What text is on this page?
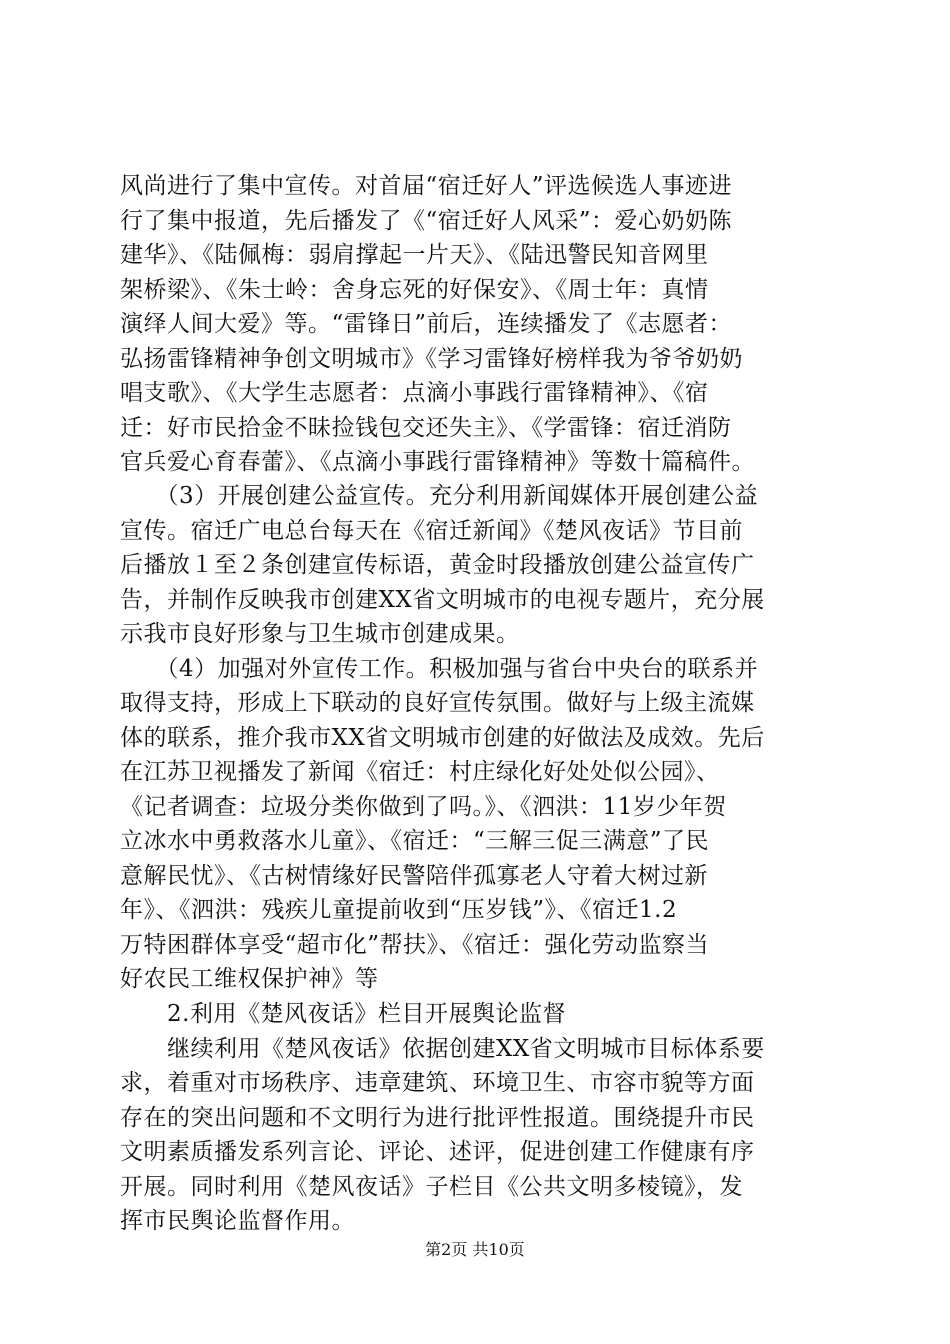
风尚进行了集中宣传。对首届“宿迁好人”评选候选人事迹进
行了集中报道，先后播发了《“宿迁好人风采”：爱心奶奶陈
建华》、《陆佩梅：弱肩撑起一片天》、《陆迅警民知音网里
架桥梁》、《朱士岭：舍身忘死的好保安》、《周士年：真情
演绎人间大爱》等。“雷锋日”前后，连续播发了《志愿者：
弘扬雷锋精神争创文明城市》《学习雷锋好榜样我为爷爷奶奶
唱支歌》、《大学生志愿者：点滴小事践行雷锋精神》、《宿
迁：好市民拾金不昧捡钱包交还失主》、《学雷锋：宿迁消防
官兵爱心育春蕾》、《点滴小事践行雷锋精神》等数十篇稿件。
　　（3）开展创建公益宣传。充分利用新闻媒体开展创建公益
宣传。宿迁广电总台每天在《宿迁新闻》《楚风夜话》节目前
后播放１至２条创建宣传标语，黄金时段播放创建公益宣传广
告，并制作反映我市创建XX省文明城市的电视专题片，充分展
示我市良好形象与卫生城市创建成果。
　　（4）加强对外宣传工作。积极加强与省台中央台的联系并
取得支持，形成上下联动的良好宣传氛围。做好与上级主流媒
体的联系，推介我市XX省文明城市创建的好做法及成效。先后
在江苏卫视播发了新闻《宿迁：村庄绿化好处处似公园》、
《记者调查：垃圾分类你做到了吗。》、《泗洪：11岁少年贺
立冰水中勇救落水儿童》、《宿迁：“三解三促三满意”了民
意解民忧》、《古树情缘好民警陪伴孤寡老人守着大树过新
年》、《泗洪：残疾儿童提前收到“压岁钱”》、《宿迁1.2
万特困群体享受“超市化”帮扶》、《宿迁：强化劳动监察当
好农民工维权保护神》等
　　2.利用《楚风夜话》栏目开展舆论监督
　　继续利用《楚风夜话》依据创建XX省文明城市目标体系要
求，着重对市场秩序、违章建筑、环境卫生、市容市貌等方面
存在的突出问题和不文明行为进行批评性报道。围绕提升市民
文明素质播发系列言论、评论、述评，促进创建工作健康有序
开展。同时利用《楚风夜话》子栏目《公共文明多棱镜》，发
挥市民舆论监督作用。
第2页 共10页
